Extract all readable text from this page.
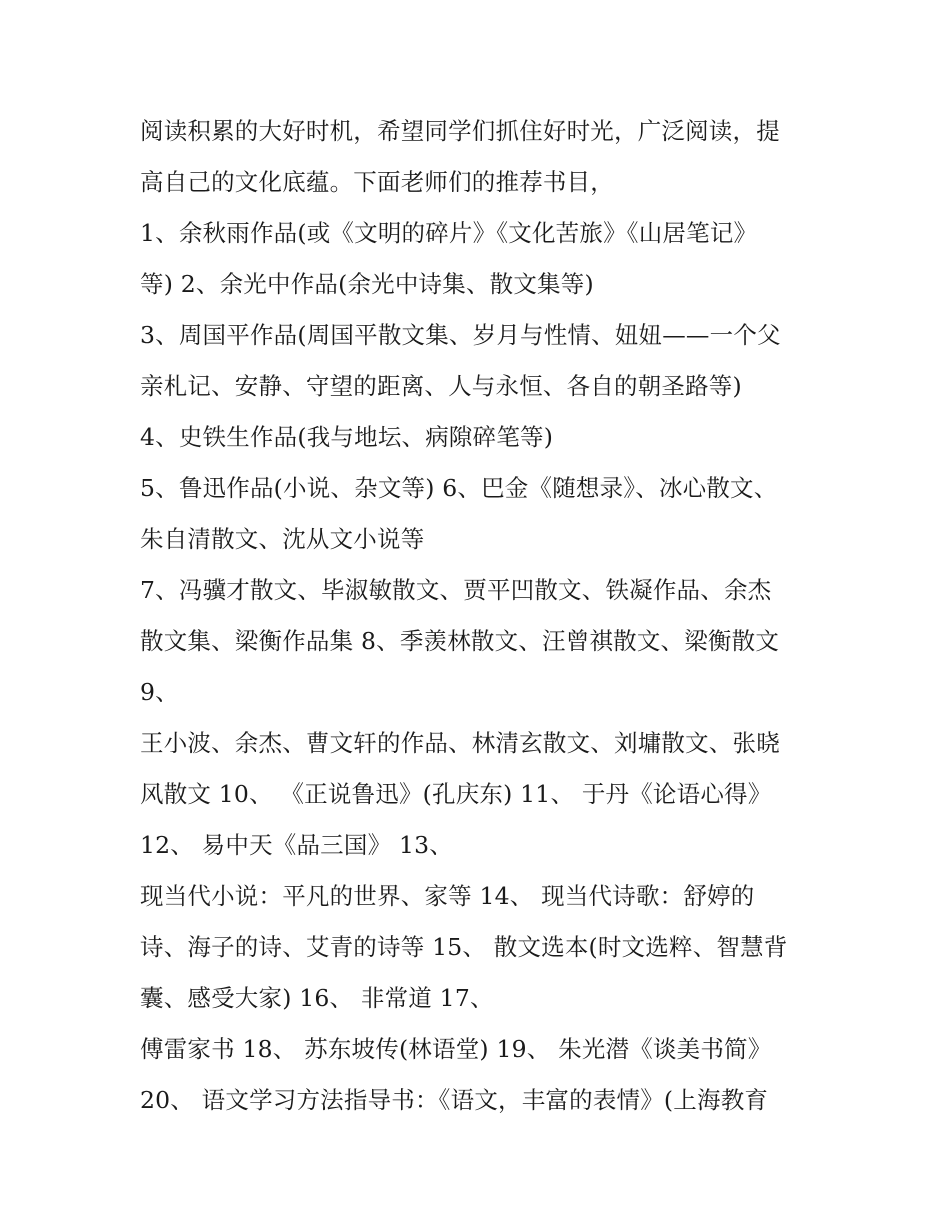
阅读积累的大好时机，希望同学们抓住好时光，广泛阅读，提
高自己的文化底蕴。下面老师们的推荐书目，
1、余秋雨作品(或《文明的碎片》《文化苦旅》《山居笔记》
等) 2、余光中作品(余光中诗集、散文集等)
3、周国平作品(周国平散文集、岁月与性情、妞妞——一个父
亲札记、安静、守望的距离、人与永恒、各自的朝圣路等)
4、史铁生作品(我与地坛、病隙碎笔等)
5、鲁迅作品(小说、杂文等) 6、巴金《随想录》、冰心散文、
朱自清散文、沈从文小说等
7、冯骥才散文、毕淑敏散文、贾平凹散文、铁凝作品、余杰
散文集、梁衡作品集 8、季羡林散文、汪曾祺散文、梁衡散文
9、
王小波、余杰、曹文轩的作品、林清玄散文、刘墉散文、张晓
风散文 10、 《正说鲁迅》(孔庆东) 11、 于丹《论语心得》
12、 易中天《品三国》 13、
现当代小说：平凡的世界、家等 14、 现当代诗歌：舒婷的
诗、海子的诗、艾青的诗等 15、 散文选本(时文选粹、智慧背
囊、感受大家) 16、 非常道 17、
傅雷家书 18、 苏东坡传(林语堂) 19、 朱光潜《谈美书简》
20、 语文学习方法指导书：《语文，丰富的表情》(上海教育
